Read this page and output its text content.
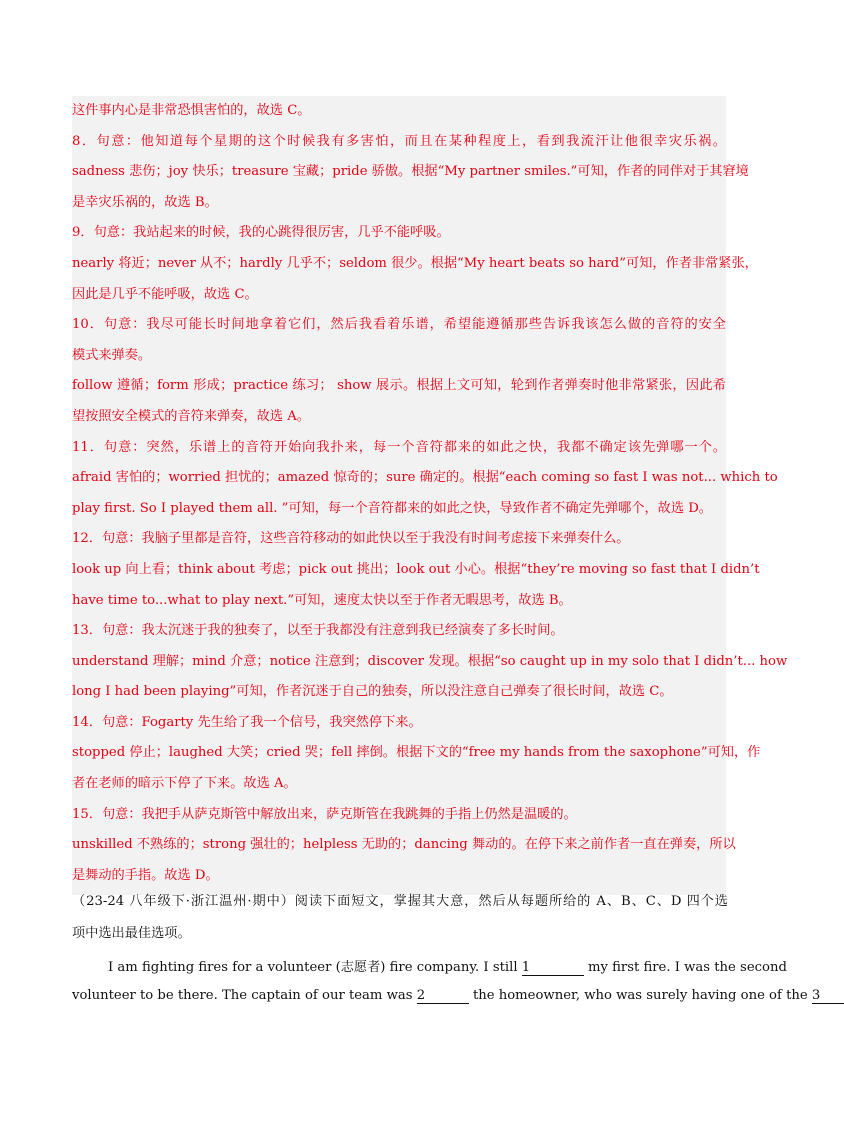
这件事内心是非常恐惧害怕的，故选 C。
8．句意：他知道每个星期的这个时候我有多害怕，而且在某种程度上，看到我流汗让他很幸灾乐祸。
sadness 悲伤；joy 快乐；treasure 宝藏；pride 骄傲。根据“My partner smiles.”可知，作者的同伴对于其窘境
是幸灾乐祸的，故选 B。
9．句意：我站起来的时候，我的心跳得很厉害，几乎不能呼吸。
nearly 将近；never 从不；hardly 几乎不；seldom 很少。根据“My heart beats so hard”可知，作者非常紧张，
因此是几乎不能呼吸，故选 C。
10．句意：我尽可能长时间地拿着它们，然后我看着乐谱，希望能遵循那些告诉我该怎么做的音符的安全
模式来弹奏。
follow 遵循；form 形成；practice 练习； show 展示。根据上文可知，轮到作者弹奏时他非常紧张，因此希
望按照安全模式的音符来弹奏，故选 A。
11．句意：突然，乐谱上的音符开始向我扑来，每一个音符都来的如此之快，我都不确定该先弹哪一个。
afraid 害怕的；worried 担忧的；amazed 惊奇的；sure 确定的。根据“each coming so fast I was not... which to
play first. So I played them all. ”可知，每一个音符都来的如此之快，导致作者不确定先弹哪个，故选 D。
12．句意：我脑子里都是音符，这些音符移动的如此快以至于我没有时间考虑接下来弹奏什么。
look up 向上看；think about 考虑；pick out 挑出；look out 小心。根据“they’re moving so fast that I didn’t
have time to...what to play next.”可知，速度太快以至于作者无暇思考，故选 B。
13．句意：我太沉迷于我的独奏了，以至于我都没有注意到我已经演奏了多长时间。
understand 理解；mind 介意；notice 注意到；discover 发现。根据“so caught up in my solo that I didn’t... how
long I had been playing”可知，作者沉迷于自己的独奏，所以没注意自己弹奏了很长时间，故选 C。
14．句意：Fogarty 先生给了我一个信号，我突然停下来。
stopped 停止；laughed 大笑；cried 哭；fell 摔倒。根据下文的“free my hands from the saxophone”可知，作
者在老师的暗示下停了下来。故选 A。
15．句意：我把手从萨克斯管中解放出来，萨克斯管在我跳舞的手指上仍然是温暖的。
unskilled 不熟练的；strong 强壮的；helpless 无助的；dancing 舞动的。在停下来之前作者一直在弹奏，所以
是舞动的手指。故选 D。
（23-24 八年级下·浙江温州·期中）阅读下面短文，掌握其大意，然后从每题所给的 A、B、C、D 四个选
项中选出最佳选项。
I am fighting fires for a volunteer (志愿者) fire company. I still 1	my first fire. I was the second
volunteer to be there. The captain of our team was 2	the homeowner, who was surely having one of the 3
